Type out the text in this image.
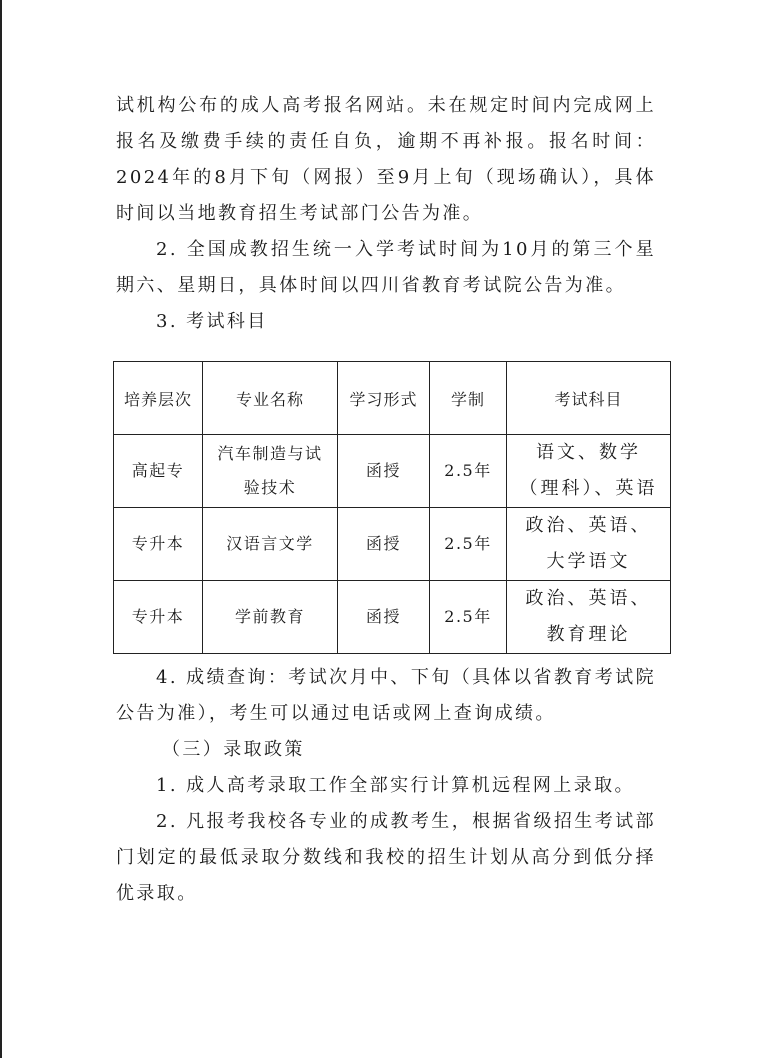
试机构公布的成人高考报名网站。未在规定时间内完成网上报名及缴费手续的责任自负，逾期不再补报。报名时间：2024年的8月下旬（网报）至9月上旬（现场确认），具体时间以当地教育招生考试部门公告为准。

2. 全国成教招生统一入学考试时间为10月的第三个星期六、星期日，具体时间以四川省教育考试院公告为准。

3. 考试科目

培养层次	专业名称	学习形式	学制	考试科目
高起专	汽车制造与试验技术	函授	2.5年	语文、数学（理科）、英语
专升本	汉语言文学	函授	2.5年	政治、英语、大学语文
专升本	学前教育	函授	2.5年	政治、英语、教育理论

4. 成绩查询：考试次月中、下旬（具体以省教育考试院公告为准），考生可以通过电话或网上查询成绩。

（三）录取政策

1. 成人高考录取工作全部实行计算机远程网上录取。

2. 凡报考我校各专业的成教考生，根据省级招生考试部门划定的最低录取分数线和我校的招生计划从高分到低分择优录取。
